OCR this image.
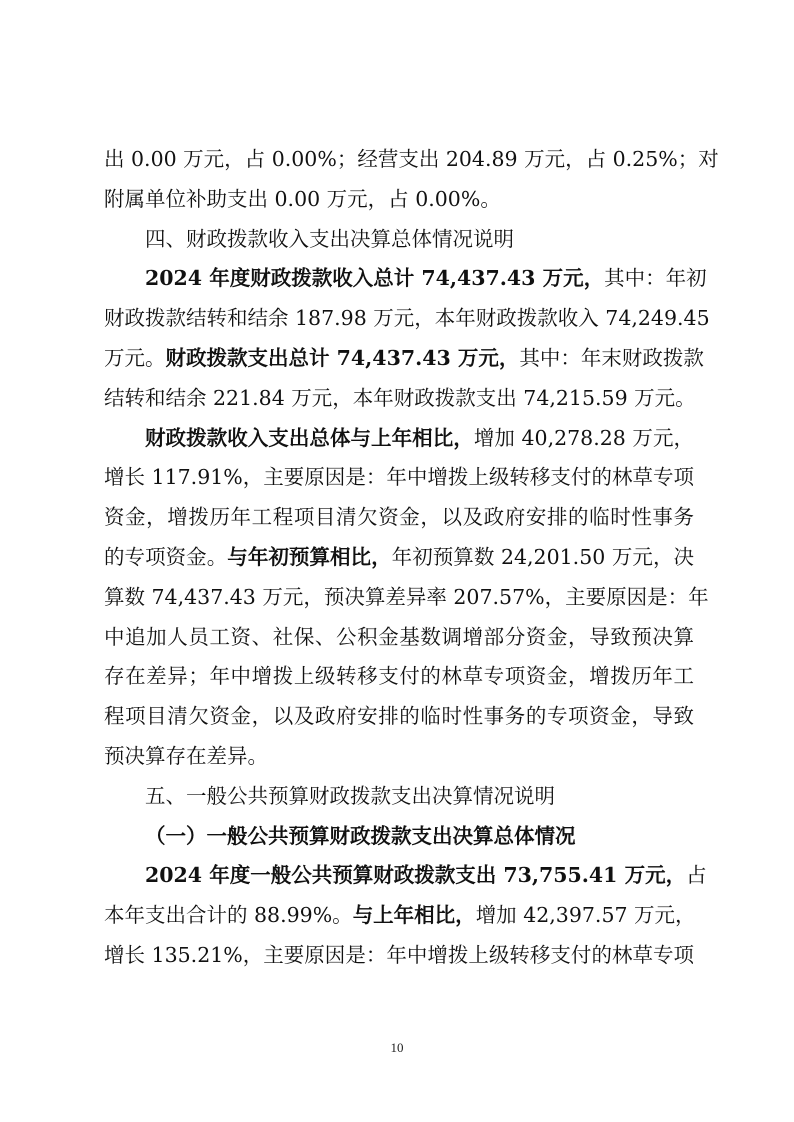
出 0.00 万元，占 0.00%；经营支出 204.89 万元，占 0.25%；对
附属单位补助支出 0.00 万元，占 0.00%。
四、财政拨款收入支出决算总体情况说明
2024 年度财政拨款收入总计 74,437.43 万元，其中：年初
财政拨款结转和结余 187.98 万元，本年财政拨款收入 74,249.45
万元。财政拨款支出总计 74,437.43 万元，其中：年末财政拨款
结转和结余 221.84 万元，本年财政拨款支出 74,215.59 万元。
财政拨款收入支出总体与上年相比，增加 40,278.28 万元，
增长 117.91%，主要原因是：年中增拨上级转移支付的林草专项
资金，增拨历年工程项目清欠资金，以及政府安排的临时性事务
的专项资金。与年初预算相比，年初预算数 24,201.50 万元，决
算数 74,437.43 万元，预决算差异率 207.57%，主要原因是：年
中追加人员工资、社保、公积金基数调增部分资金，导致预决算
存在差异；年中增拨上级转移支付的林草专项资金，增拨历年工
程项目清欠资金，以及政府安排的临时性事务的专项资金，导致
预决算存在差异。
五、一般公共预算财政拨款支出决算情况说明
（一）一般公共预算财政拨款支出决算总体情况
2024 年度一般公共预算财政拨款支出 73,755.41 万元，占
本年支出合计的 88.99%。与上年相比，增加 42,397.57 万元，
增长 135.21%，主要原因是：年中增拨上级转移支付的林草专项
10
